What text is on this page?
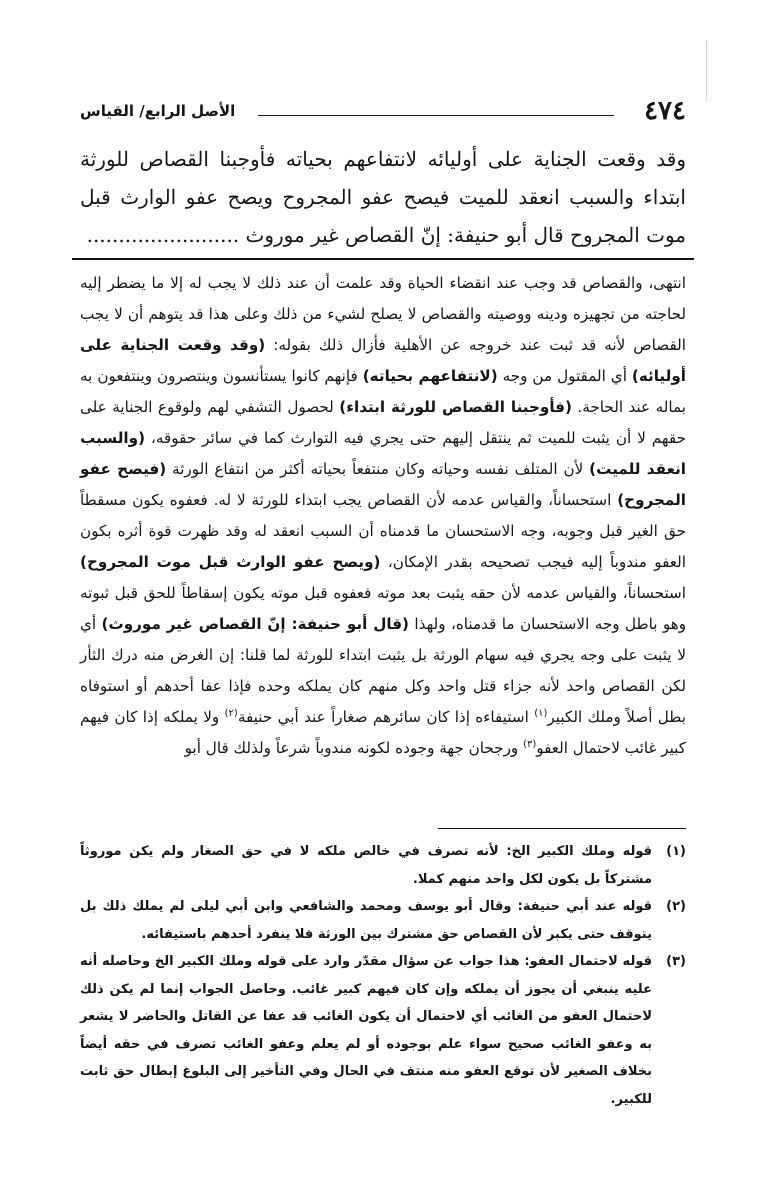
٤٧٤
الأصل الرابع/ القياس
وقد وقعت الجناية على أوليائه لانتفاعهم بحياته فأوجبنا القصاص للورثة ابتداء والسبب انعقد للميت فيصح عفو المجروح ويصح عفو الوارث قبل موت المجروح قال أبو حنيفة: إنّ القصاص غير موروث ........................
انتهى، والقصاص قد وجب عند انقضاء الحياة وقد علمت أن عند ذلك لا يجب له إلا ما يضطر إليه لحاجته من تجهيزه ودينه ووصيته والقصاص لا يصلح لشيء من ذلك وعلى هذا قد يتوهم أن لا يجب القصاص لأنه قد ثبت عند خروجه عن الأهلية فأزال ذلك بقوله: (وقد وقعت الجناية على أوليائه) أي المقتول من وجه (لانتفاعهم بحياته) فإنهم كانوا يستأنسون وينتصرون وينتفعون به بماله عند الحاجة. (فأوجبنا القصاص للورثة ابتداء) لحصول التشفي لهم ولوقوع الجناية على حقهم لا أن يثبت للميت ثم ينتقل إليهم حتى يجري فيه التوارث كما في سائر حقوقه، (والسبب انعقد للميت) لأن المتلف نفسه وحياته وكان منتفعاً بحياته أكثر من انتفاع الورثة (فيصح عفو المجروح) استحساناً، والقياس عدمه لأن القصاص يجب ابتداء للورثة لا له. فعفوه يكون مسقطاً حق الغير قبل وجوبه، وجه الاستحسان ما قدمناه أن السبب انعقد له وقد ظهرت قوة أثره بكون العفو مندوباً إليه فيجب تصحيحه بقدر الإمكان، (ويصح عفو الوارث قبل موت المجروح) استحساناً، والقياس عدمه لأن حقه يثبت بعد موته فعفوه قبل موته يكون إسقاطاً للحق قبل ثبوته وهو باطل وجه الاستحسان ما قدمناه، ولهذا (قال أبو حنيفة: إنّ القصاص غير موروث) أي لا يثبت على وجه يجري فيه سهام الورثة بل يثبت ابتداء للورثة لما قلنا: إن الغرض منه درك الثأر لكن القصاص واحد لأنه جزاء قتل واحد وكل منهم كان يملكه وحده فإذا عفا أحدهم أو استوفاه بطل أصلاً وملك الكبير$^{(١)}$ استيفاءه إذا كان سائرهم صغاراً عند أبي حنيفة$^{(٢)}$ ولا يملكه إذا كان فيهم كبير غائب لاحتمال العفو$^{(٣)}$ ورجحان جهة وجوده لكونه مندوباً شرعاً ولذلك قال أبو
(١)
قوله وملك الكبير الخ: لأنه تصرف في خالص ملكه لا في حق الصغار ولم يكن موروثاً مشتركاً بل يكون لكل واحد منهم كملا.
(٢)
قوله عند أبي حنيفة: وقال أبو يوسف ومحمد والشافعي وابن أبي ليلى لم يملك ذلك بل يتوقف حتى يكبر لأن القصاص حق مشترك بين الورثة فلا ينفرد أحدهم باستيفائه.
(٣)
قوله لاحتمال العفو: هذا جواب عن سؤال مقدّر وارد على قوله وملك الكبير الخ وحاصله أنه عليه ينبغي أن يجوز أن يملكه وإن كان فيهم كبير غائب. وحاصل الجواب إنما لم يكن ذلك لاحتمال العفو من الغائب أي لاحتمال أن يكون الغائب قد عفا عن القاتل والحاضر لا يشعر به وعفو الغائب صحيح سواء علم بوجوده أو لم يعلم وعفو الغائب تصرف في حقه أيضاً بخلاف الصغير لأن توقع العفو منه منتف في الحال وفي التأخير إلى البلوغ إبطال حق ثابت للكبير.
